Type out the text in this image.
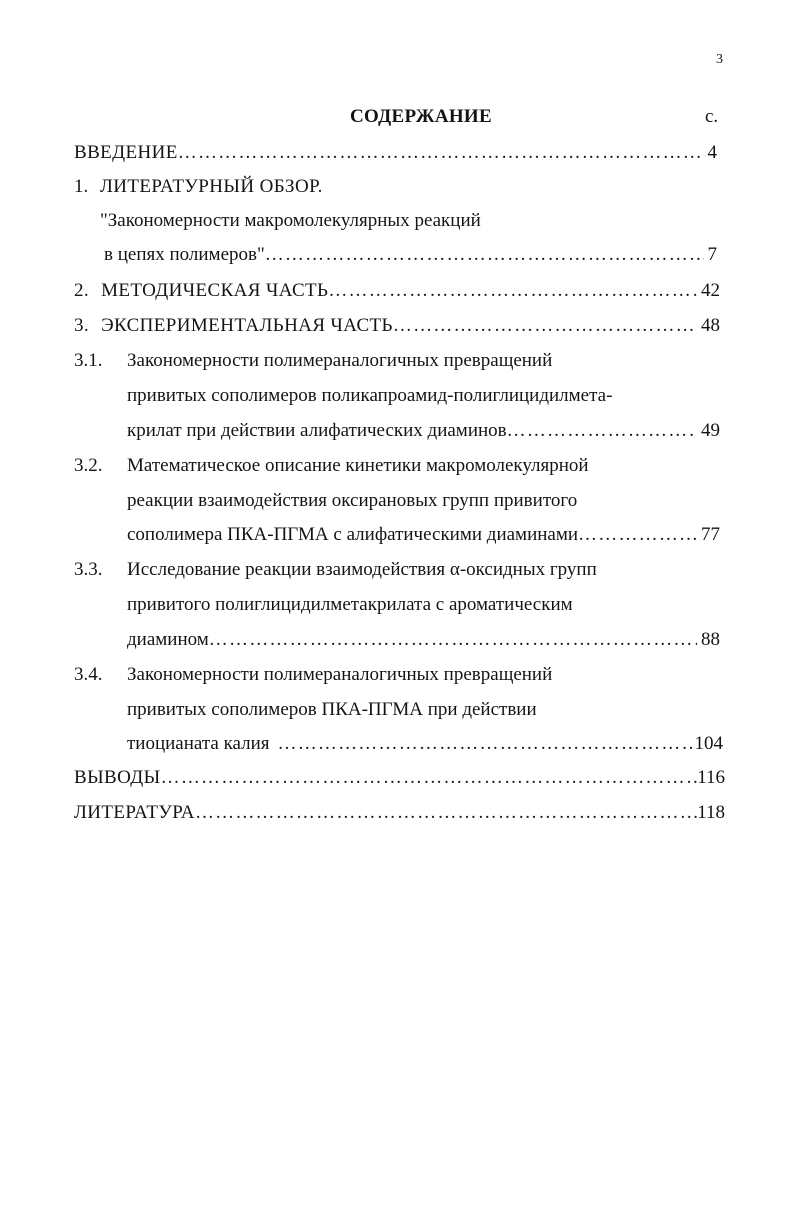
3
СОДЕРЖАНИЕ	с.
ВВЕДЕНИЕ ……………………………………………………………………………………………………………………………………………………………………………………	4
1. ЛИТЕРАТУРНЫЙ ОБЗОР.
"Закономерности макромолекулярных реакций
в цепях полимеров" ……………………………………………………………………………………………………………………………………………………………………………………	7
2. МЕТОДИЧЕСКАЯ ЧАСТЬ ……………………………………………………………………………………………………………………………………………………………………………………	42
3. ЭКСПЕРИМЕНТАЛЬНАЯ ЧАСТЬ ……………………………………………………………………………………………………………………………………………………………………………………	48
3.1. Закономерности полимераналогичных превращений
привитых сополимеров поликапроамид-полиглицидилмета-
крилат при действии алифатических диаминов ……………………………………………………………………………………………………………………………………………………………………………………	49
3.2. Математическое описание кинетики макромолекулярной
реакции взаимодействия оксирановых групп привитого
сополимера ПКА-ПГМА с алифатическими диаминами ……………………………………………………………………………………………………………………………………………………………………………………	77
3.3. Исследование реакции взаимодействия α-оксидных групп
привитого полиглицидилметакрилата с ароматическим
диамином ……………………………………………………………………………………………………………………………………………………………………………………	88
3.4. Закономерности полимераналогичных превращений
привитых сополимеров ПКА-ПГМА при действии
тиоцианата калия ……………………………………………………………………………………………………………………………………………………………………………………	104
ВЫВОДЫ ……………………………………………………………………………………………………………………………………………………………………………………	116
ЛИТЕРАТУРА ……………………………………………………………………………………………………………………………………………………………………………………	118
